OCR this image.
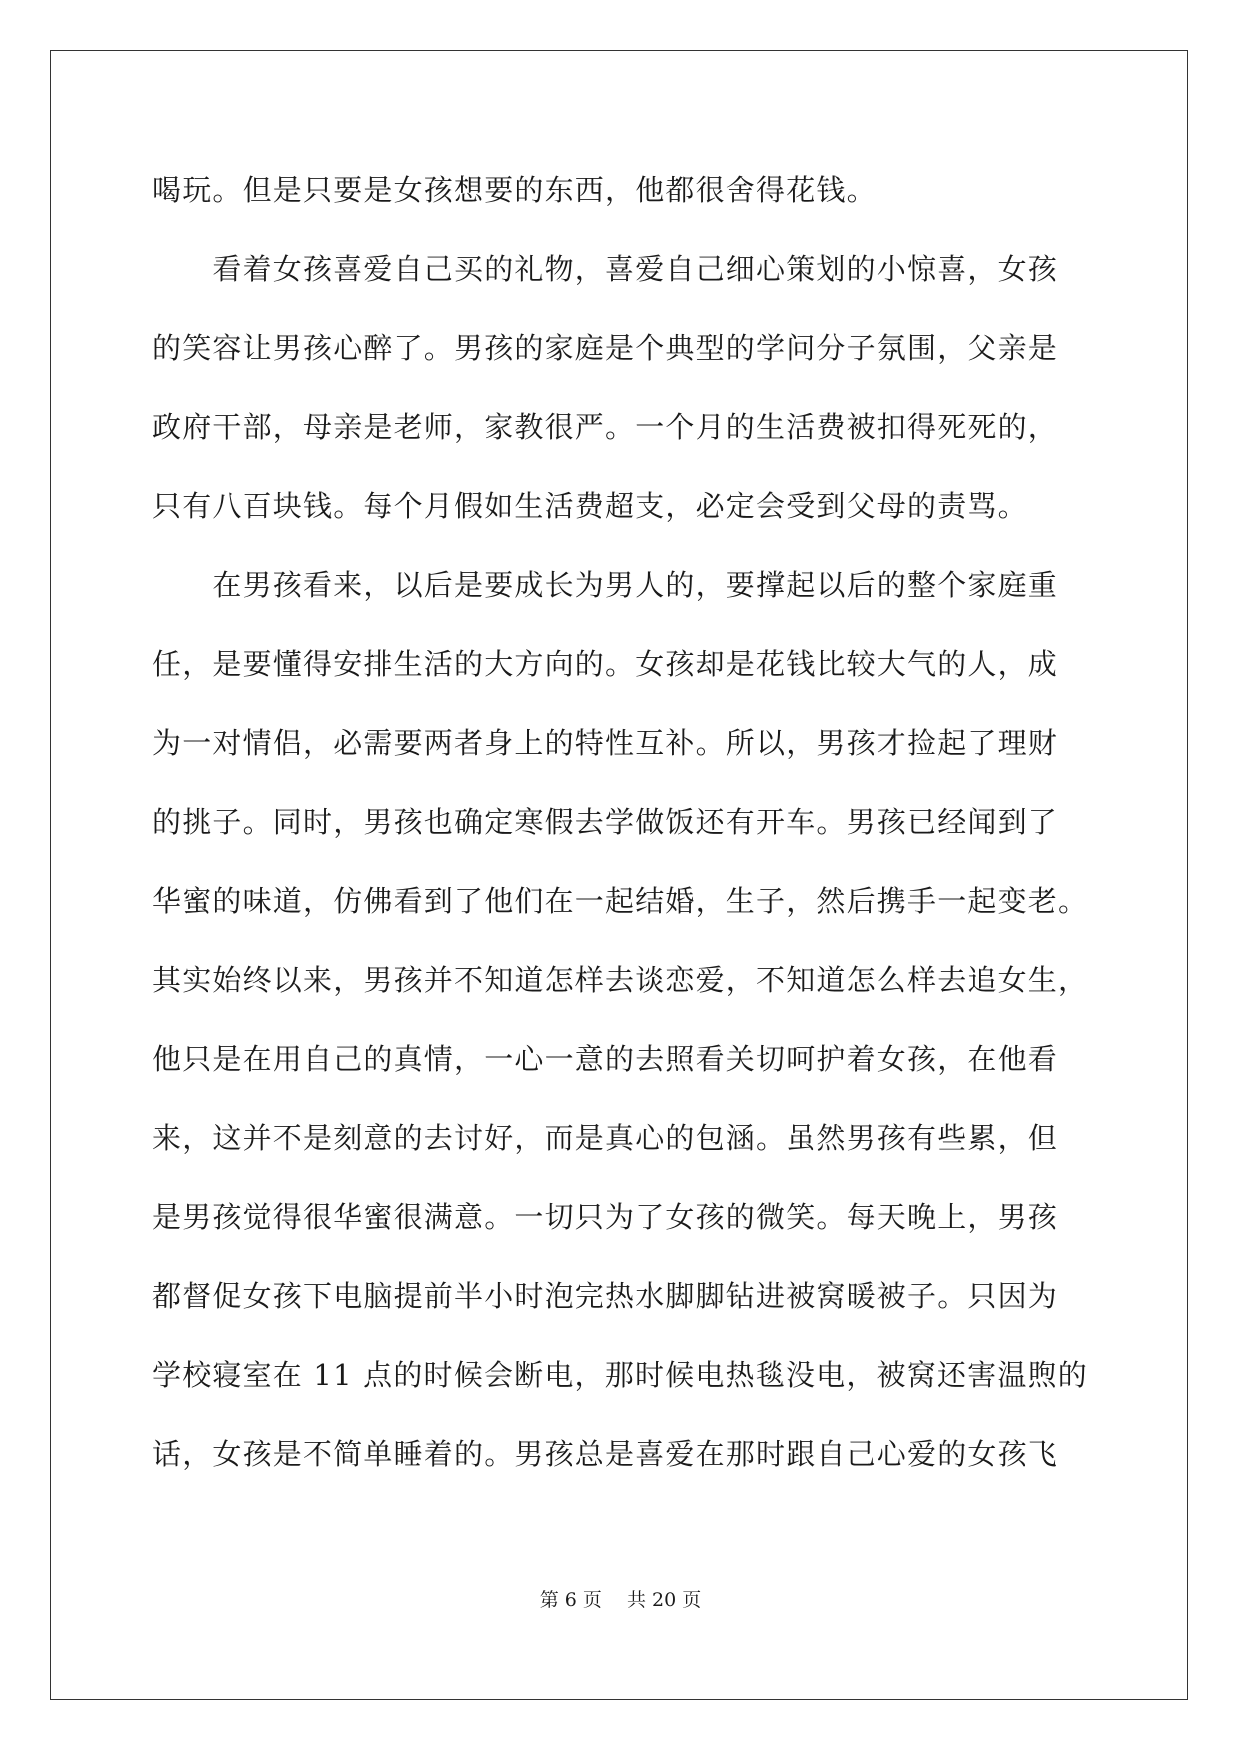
喝玩。但是只要是女孩想要的东西，他都很舍得花钱。
　　看着女孩喜爱自己买的礼物，喜爱自己细心策划的小惊喜，女孩
的笑容让男孩心醉了。男孩的家庭是个典型的学问分子氛围，父亲是
政府干部，母亲是老师，家教很严。一个月的生活费被扣得死死的，
只有八百块钱。每个月假如生活费超支，必定会受到父母的责骂。
　　在男孩看来，以后是要成长为男人的，要撑起以后的整个家庭重
任，是要懂得安排生活的大方向的。女孩却是花钱比较大气的人，成
为一对情侣，必需要两者身上的特性互补。所以，男孩才捡起了理财
的挑子。同时，男孩也确定寒假去学做饭还有开车。男孩已经闻到了
华蜜的味道，仿佛看到了他们在一起结婚，生子，然后携手一起变老。
其实始终以来，男孩并不知道怎样去谈恋爱，不知道怎么样去追女生，
他只是在用自己的真情，一心一意的去照看关切呵护着女孩，在他看
来，这并不是刻意的去讨好，而是真心的包涵。虽然男孩有些累，但
是男孩觉得很华蜜很满意。一切只为了女孩的微笑。每天晚上，男孩
都督促女孩下电脑提前半小时泡完热水脚脚钻进被窝暖被子。只因为
学校寝室在 11 点的时候会断电，那时候电热毯没电，被窝还害温煦的
话，女孩是不简单睡着的。男孩总是喜爱在那时跟自己心爱的女孩飞
第 6 页　 共 20 页
